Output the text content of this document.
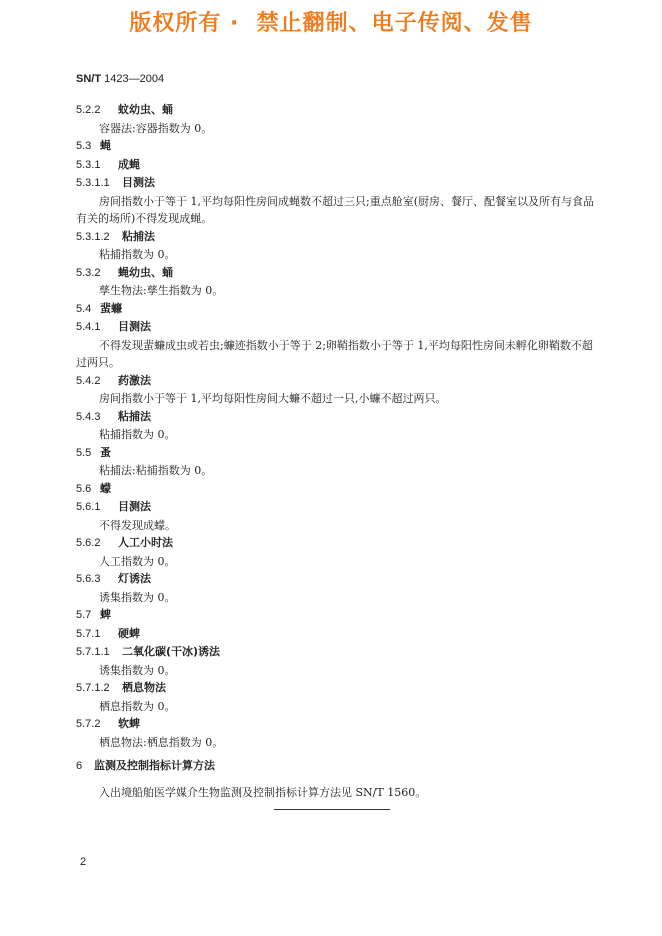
版权所有 ·  禁止翻制、电子传阅、发售
SN/T 1423—2004
5.2.2 蚊幼虫、蛹
容器法:容器指数为 0。
5.3 蝇
5.3.1 成蝇
5.3.1.1 目测法
房间指数小于等于 1,平均每阳性房间成蝇数不超过三只;重点舱室(厨房、餐厅、配餐室以及所有与食品有关的场所)不得发现成蝇。
5.3.1.2 粘捕法
粘捕指数为 0。
5.3.2 蝇幼虫、蛹
孳生物法:孳生指数为 0。
5.4 蜚蠊
5.4.1 目测法
不得发现蜚蠊成虫或若虫;蠊迹指数小于等于 2;卵鞘指数小于等于 1,平均每阳性房间未孵化卵鞘数不超过两只。
5.4.2 药激法
房间指数小于等于 1,平均每阳性房间大蠊不超过一只,小蠊不超过两只。
5.4.3 粘捕法
粘捕指数为 0。
5.5 蚤
粘捕法:粘捕指数为 0。
5.6 蠓
5.6.1 目测法
不得发现成蠓。
5.6.2 人工小时法
人工指数为 0。
5.6.3 灯诱法
诱集指数为 0。
5.7 蜱
5.7.1 硬蜱
5.7.1.1 二氧化碳(干冰)诱法
诱集指数为 0。
5.7.1.2 栖息物法
栖息指数为 0。
5.7.2 软蜱
栖息物法:栖息指数为 0。
6 监测及控制指标计算方法
入出境船舶医学媒介生物监测及控制指标计算方法见 SN/T 1560。
2
